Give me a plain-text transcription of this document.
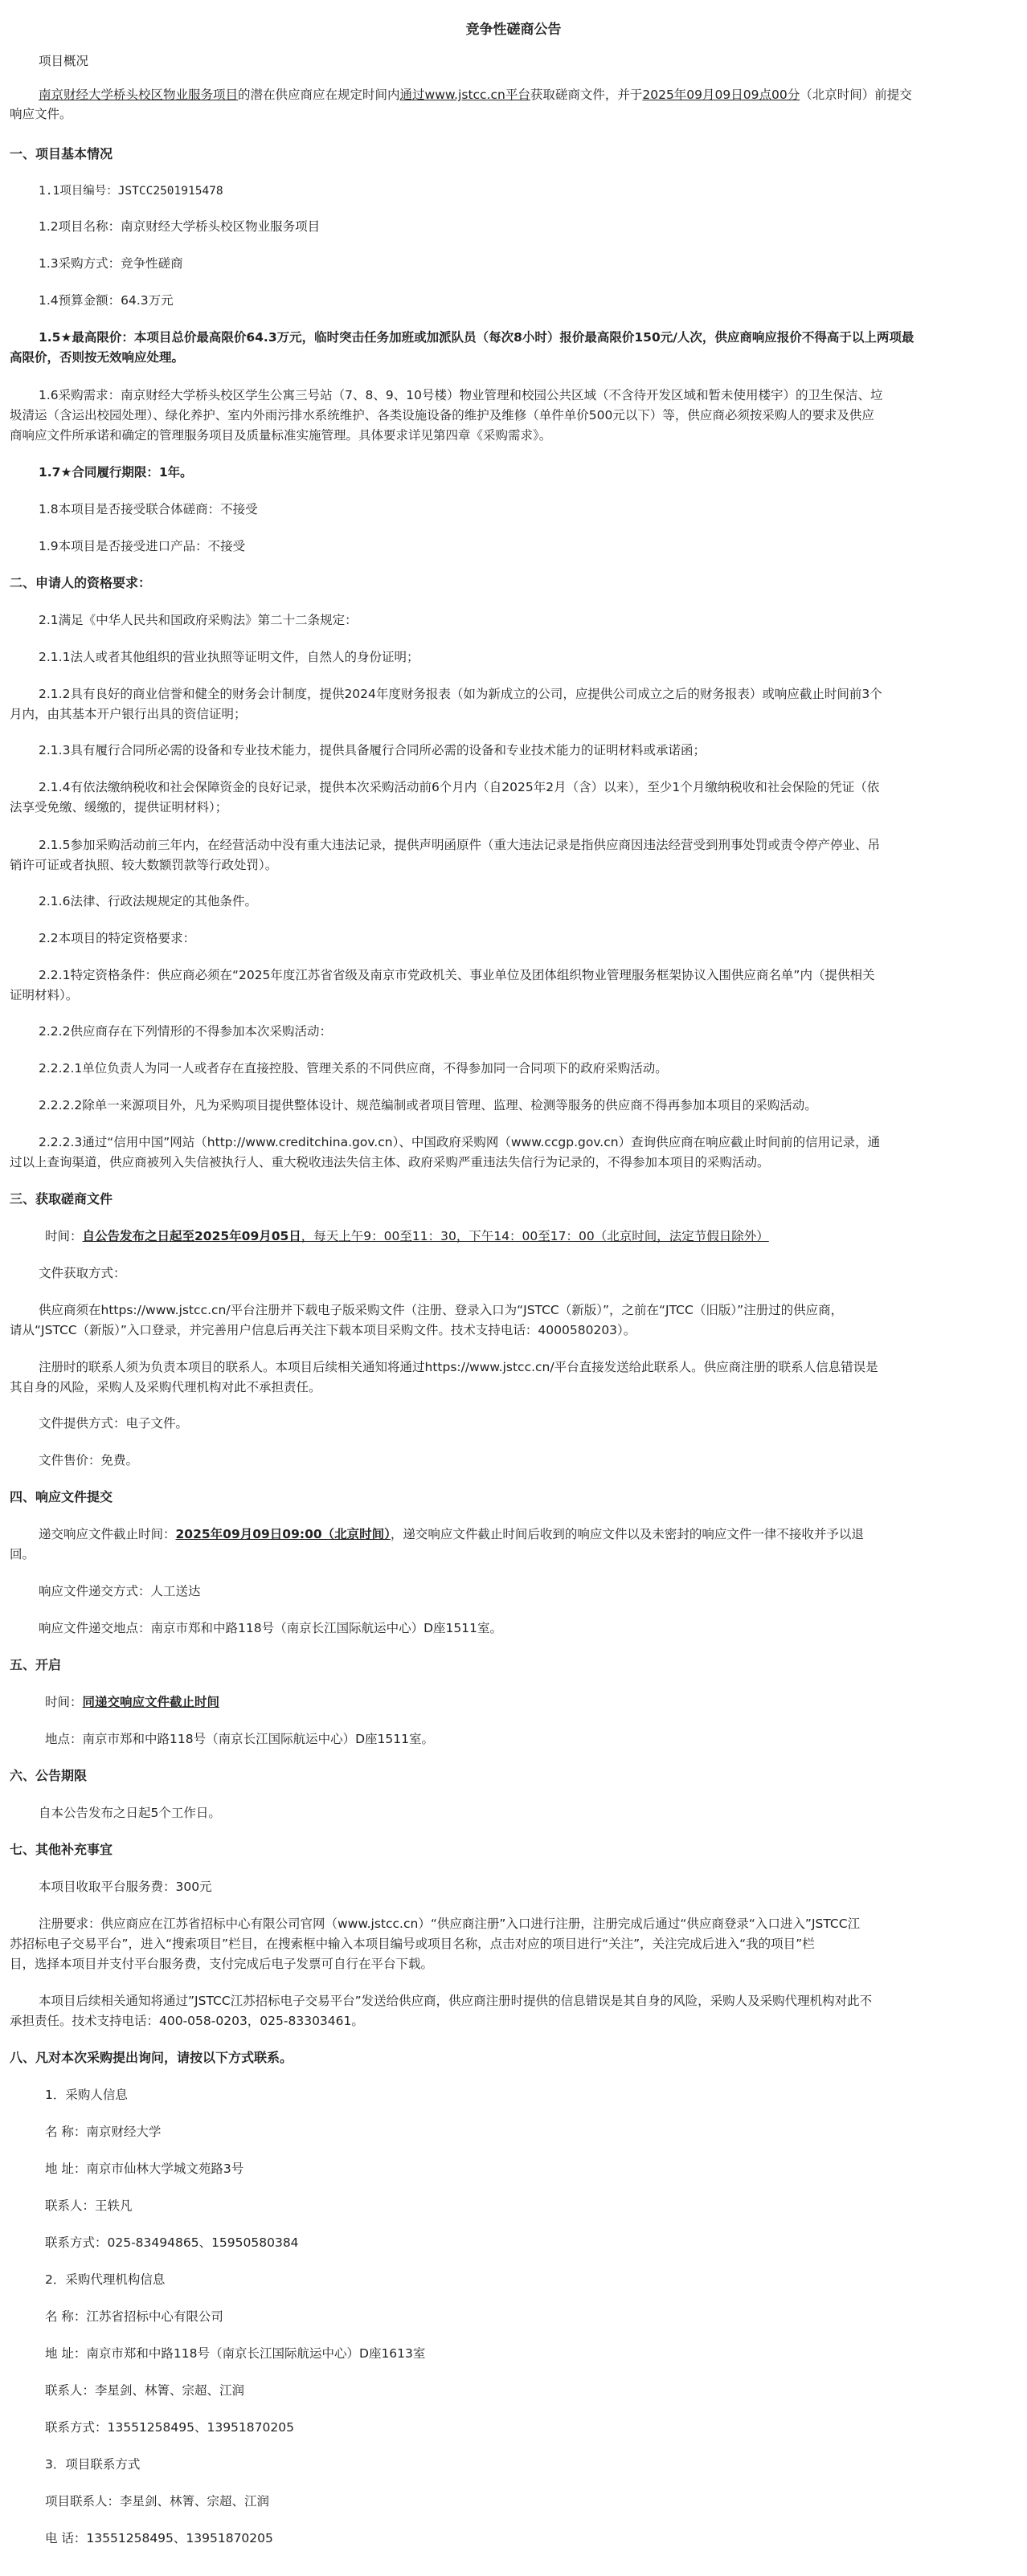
竞争性磋商公告
项目概况
南京财经大学桥头校区物业服务项目的潜在供应商应在规定时间内通过www.jstcc.cn平台获取磋商文件，并于2025年09月09日09点00分（北京时间）前提交
响应文件。
一、项目基本情况
1.1项目编号：JSTCC2501915478
1.2项目名称：南京财经大学桥头校区物业服务项目
1.3采购方式：竞争性磋商
1.4预算金额：64.3万元
1.5★最高限价：本项目总价最高限价64.3万元，临时突击任务加班或加派队员（每次8小时）报价最高限价150元/人次，供应商响应报价不得高于以上两项最
高限价，否则按无效响应处理。
1.6采购需求：南京财经大学桥头校区学生公寓三号站（7、8、9、10号楼）物业管理和校园公共区域（不含待开发区域和暂未使用楼宇）的卫生保洁、垃
圾清运（含运出校园处理）、绿化养护、室内外雨污排水系统维护、各类设施设备的维护及维修（单件单价500元以下）等，供应商必须按采购人的要求及供应
商响应文件所承诺和确定的管理服务项目及质量标准实施管理。具体要求详见第四章《采购需求》。
1.7★合同履行期限：1年。
1.8本项目是否接受联合体磋商：不接受
1.9本项目是否接受进口产品：不接受
二、申请人的资格要求：
2.1满足《中华人民共和国政府采购法》第二十二条规定：
2.1.1法人或者其他组织的营业执照等证明文件，自然人的身份证明；
2.1.2具有良好的商业信誉和健全的财务会计制度，提供2024年度财务报表（如为新成立的公司，应提供公司成立之后的财务报表）或响应截止时间前3个
月内，由其基本开户银行出具的资信证明；
2.1.3具有履行合同所必需的设备和专业技术能力，提供具备履行合同所必需的设备和专业技术能力的证明材料或承诺函；
2.1.4有依法缴纳税收和社会保障资金的良好记录，提供本次采购活动前6个月内（自2025年2月（含）以来），至少1个月缴纳税收和社会保险的凭证（依
法享受免缴、缓缴的，提供证明材料）；
2.1.5参加采购活动前三年内，在经营活动中没有重大违法记录，提供声明函原件（重大违法记录是指供应商因违法经营受到刑事处罚或责令停产停业、吊
销许可证或者执照、较大数额罚款等行政处罚）。
2.1.6法律、行政法规规定的其他条件。
2.2本项目的特定资格要求：
2.2.1特定资格条件：供应商必须在“2025年度江苏省省级及南京市党政机关、事业单位及团体组织物业管理服务框架协议入围供应商名单”内（提供相关
证明材料）。
2.2.2供应商存在下列情形的不得参加本次采购活动：
2.2.2.1单位负责人为同一人或者存在直接控股、管理关系的不同供应商，不得参加同一合同项下的政府采购活动。
2.2.2.2除单一来源项目外，凡为采购项目提供整体设计、规范编制或者项目管理、监理、检测等服务的供应商不得再参加本项目的采购活动。
2.2.2.3通过“信用中国”网站（http://www.creditchina.gov.cn）、中国政府采购网（www.ccgp.gov.cn）查询供应商在响应截止时间前的信用记录，通
过以上查询渠道，供应商被列入失信被执行人、重大税收违法失信主体、政府采购严重违法失信行为记录的，不得参加本项目的采购活动。
三、获取磋商文件
时间：自公告发布之日起至2025年09月05日，每天上午9：00至11：30，下午14：00至17：00（北京时间，法定节假日除外）
文件获取方式：
供应商须在https://www.jstcc.cn/平台注册并下载电子版采购文件（注册、登录入口为“JSTCC（新版）”，之前在“JTCC（旧版）”注册过的供应商，
请从“JSTCC（新版）”入口登录，并完善用户信息后再关注下载本项目采购文件。技术支持电话：4000580203）。
注册时的联系人须为负责本项目的联系人。本项目后续相关通知将通过https://www.jstcc.cn/平台直接发送给此联系人。供应商注册的联系人信息错误是
其自身的风险，采购人及采购代理机构对此不承担责任。
文件提供方式：电子文件。
文件售价：免费。
四、响应文件提交
递交响应文件截止时间：2025年09月09日09:00（北京时间），递交响应文件截止时间后收到的响应文件以及未密封的响应文件一律不接收并予以退
回。
响应文件递交方式：人工送达
响应文件递交地点：南京市郑和中路118号（南京长江国际航运中心）D座1511室。
五、开启
时间：同递交响应文件截止时间
地点：南京市郑和中路118号（南京长江国际航运中心）D座1511室。
六、公告期限
自本公告发布之日起5个工作日。
七、其他补充事宜
本项目收取平台服务费：300元
注册要求：供应商应在江苏省招标中心有限公司官网（www.jstcc.cn）“供应商注册”入口进行注册，注册完成后通过“供应商登录“入口进入”JSTCC江
苏招标电子交易平台”，进入“搜索项目”栏目，在搜索框中输入本项目编号或项目名称，点击对应的项目进行“关注”，关注完成后进入“我的项目”栏
目，选择本项目并支付平台服务费，支付完成后电子发票可自行在平台下载。
本项目后续相关通知将通过”JSTCC江苏招标电子交易平台”发送给供应商，供应商注册时提供的信息错误是其自身的风险，采购人及采购代理机构对此不
承担责任。技术支持电话：400-058-0203，025-83303461。
八、凡对本次采购提出询问，请按以下方式联系。
1．采购人信息
名 称：南京财经大学
地 址：南京市仙林大学城文苑路3号
联系人：王轶凡
联系方式：025-83494865、15950580384
2．采购代理机构信息
名 称：江苏省招标中心有限公司
地 址：南京市郑和中路118号（南京长江国际航运中心）D座1613室
联系人：李星剑、林箐、宗超、江润
联系方式：13551258495、13951870205
3．项目联系方式
项目联系人：李星剑、林箐、宗超、江润
电 话：13551258495、13951870205
